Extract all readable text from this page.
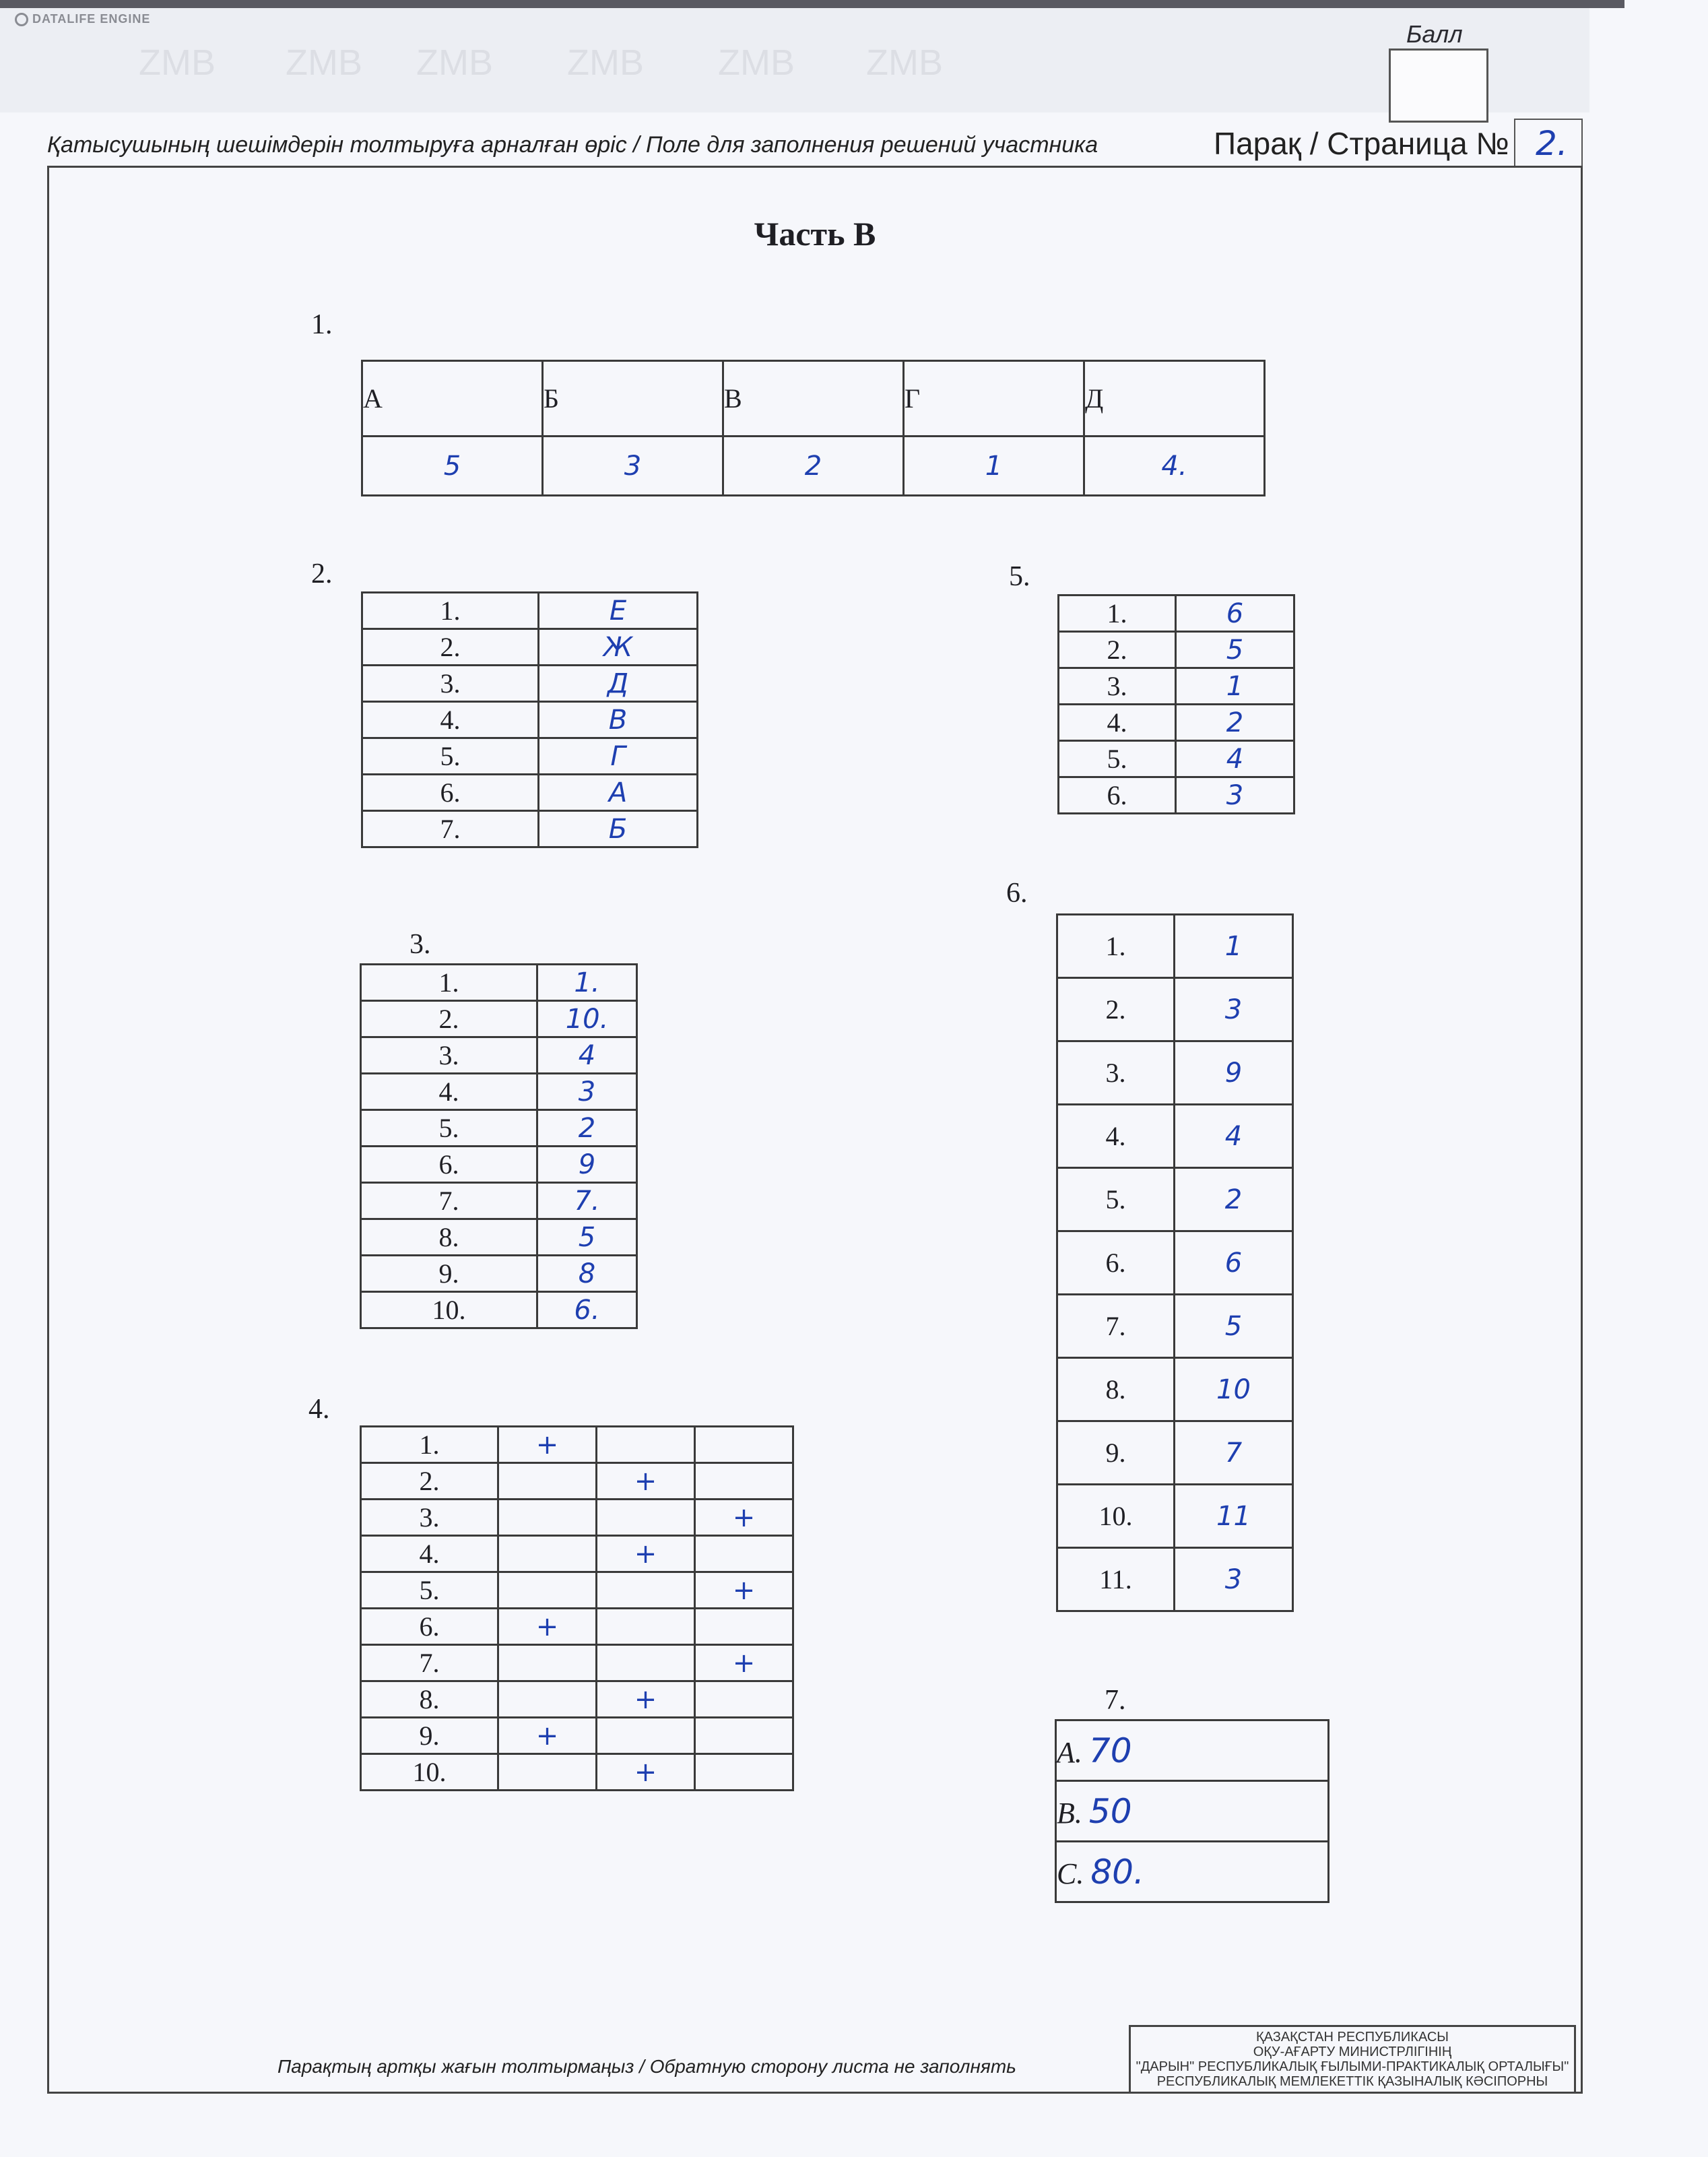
DATALIFE ENGINE
ZMB ZMB ZMB ZMB ZMB ZMB
Балл
Қатысушының шешімдерін толтыруға арналған өріс / Поле для заполнения решений участника	Парақ / Страница № 2.
Часть В
1.
А	Б	В	Г	Д
5	3	2	1	4.
2.
1.	Е
2.	Ж
3.	Д
4.	В
5.	Г
6.	А
7.	Б
3.
1.	1.
2.	10.
3.	4
4.	3
5.	2
6.	9
7.	7.
8.	5
9.	8
10.	6.
4.
1.	+		
2.		+	
3.			+
4.		+	
5.			+
6.	+		
7.			+
8.		+	
9.	+		
10.		+	
5.
1.	6
2.	5
3.	1
4.	2
5.	4
6.	3
6.
1.	1
2.	3
3.	9
4.	4
5.	2
6.	6
7.	5
8.	10
9.	7
10.	11
11.	3
7.
A. 70
B. 50
C. 80.
Парақтың артқы жағын толтырмаңыз / Обратную сторону листа не заполнять
ҚАЗАҚСТАН РЕСПУБЛИКАСЫ
ОҚУ-АҒАРТУ МИНИСТРЛІГІНІҢ
"ДАРЫН" РЕСПУБЛИКАЛЫҚ ҒЫЛЫМИ-ПРАКТИКАЛЫҚ ОРТАЛЫҒЫ"
РЕСПУБЛИКАЛЫҚ МЕМЛЕКЕТТІК ҚАЗЫНАЛЫҚ КӘСІПОРНЫ
